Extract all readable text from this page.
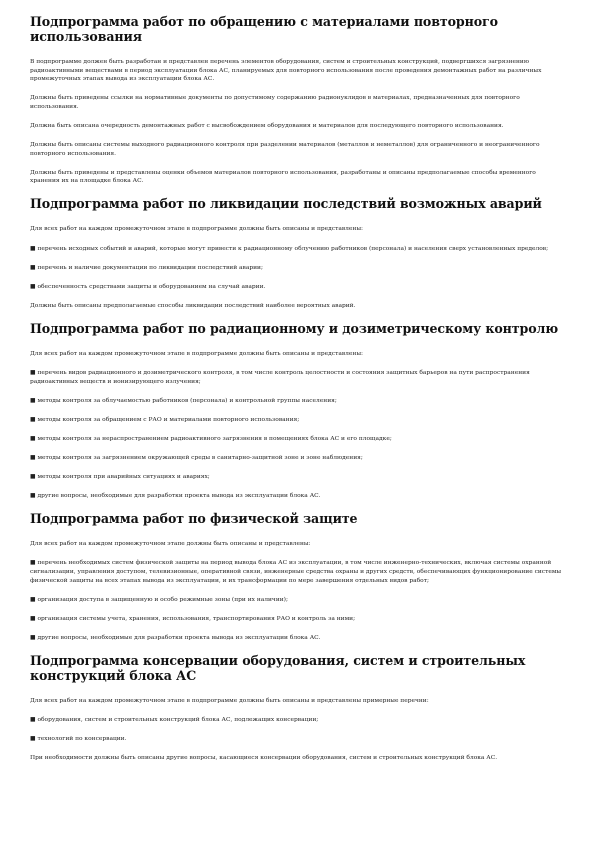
Подпрограмма работ по обращению с материалами повторного использования

В подпрограмме должен быть разработан и представлен перечень элементов оборудования, систем и строительных конструкций, подвергшихся загрязнению радиоактивными веществами в период эксплуатации блока АС, планируемых для повторного использования после проведения демонтажных работ на различных промежуточных этапах вывода из эксплуатации блока АС.

Должны быть приведены ссылки на нормативные документы по допустимому содержанию радионуклидов в материалах, предназначенных для повторного использования.

Должна быть описана очередность демонтажных работ с высвобождением оборудования и материалов для последующего повторного использования.

Должны быть описаны системы выходного радиационного контроля при разделении материалов (металлов и неметаллов) для ограниченного и неограниченного повторного использования.

Должны быть приведены и представлены оценки объемов материалов повторного использования, разработаны и описаны предполагаемые способы временного хранения их на площадке блока АС.

Подпрограмма работ по ликвидации последствий возможных аварий

Для всех работ на каждом промежуточном этапе в подпрограмме должны быть описаны и представлены:

■ перечень исходных событий и аварий, которые могут привести к радиационному облучению работников (персонала) и населения сверх установленных пределов;

■ перечень и наличие документации по ликвидации последствий аварии;

■ обеспеченность средствами защиты и оборудованием на случай аварии.

Должны быть описаны предполагаемые способы ликвидации последствий наиболее вероятных аварий.

Подпрограмма работ по радиационному и дозиметрическому контролю

Для всех работ на каждом промежуточном этапе в подпрограмме должны быть описаны и представлены:

■ перечень видов радиационного и дозиметрического контроля, в том числе контроль целостности и состояния защитных барьеров на пути распространения радиоактивных веществ и ионизирующего излучения;

■ методы контроля за облучаемостью работников (персонала) и контрольной группы населения;

■ методы контроля за обращением с РАО и материалами повторного использования;

■ методы контроля за нераспространением радиоактивного загрязнения в помещениях блока АС и его площадке;

■ методы контроля за загрязнением окружающей среды в санитарно-защитной зоне и зоне наблюдения;

■ методы контроля при аварийных ситуациях и авариях;

■ другие вопросы, необходимые для разработки проекта вывода из эксплуатации блока АС.

Подпрограмма работ по физической защите

Для всех работ на каждом промежуточном этапе должны быть описаны и представлены:

■ перечень необходимых систем физической защиты на период вывода блока АС из эксплуатации, в том числе инженерно-технических, включая системы охранной сигнализации, управления доступом, телевизионные, оперативной связи, инженерные средства охраны и других средств, обеспечивающих функционирование системы физической защиты на всех этапах вывода из эксплуатации, и их трансформации по мере завершения отдельных видов работ;

■ организация доступа в защищенную и особо режимные зоны (при их наличии);

■ организация системы учета, хранения, использования, транспортирования РАО и контроль за ними;

■ другие вопросы, необходимые для разработки проекта вывода из эксплуатации блока АС.

Подпрограмма консервации оборудования, систем и строительных конструкций блока АС

Для всех работ на каждом промежуточном этапе в подпрограмме должны быть описаны и представлены примерные перечни:

■ оборудования, систем и строительных конструкций блока АС, подлежащих консервации;

■ технологий по консервации.

При необходимости должны быть описаны другие вопросы, касающиеся консервации оборудования, систем и строительных конструкций блока АС.
